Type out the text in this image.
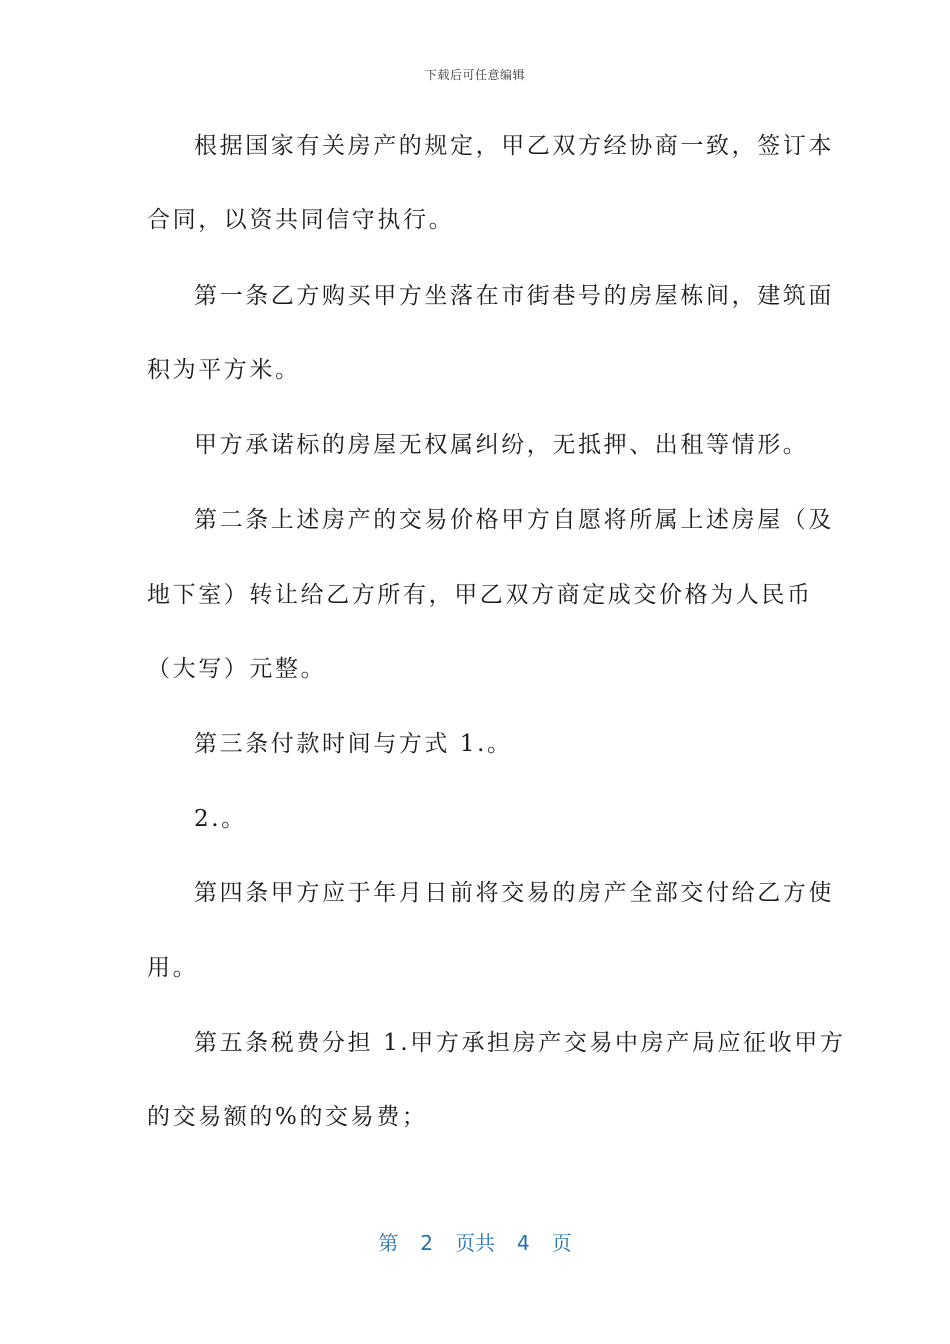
下载后可任意编辑
根据国家有关房产的规定，甲乙双方经协商一致，签订本
合同，以资共同信守执行。
第一条乙方购买甲方坐落在市街巷号的房屋栋间，建筑面
积为平方米。
甲方承诺标的房屋无权属纠纷，无抵押、出租等情形。
第二条上述房产的交易价格甲方自愿将所属上述房屋（及
地下室）转让给乙方所有，甲乙双方商定成交价格为人民币
（大写）元整。
第三条付款时间与方式 1.。
2.。
第四条甲方应于年月日前将交易的房产全部交付给乙方使
用。
第五条税费分担 1.甲方承担房产交易中房产局应征收甲方
的交易额的%的交易费；
第 2 页共 4 页
